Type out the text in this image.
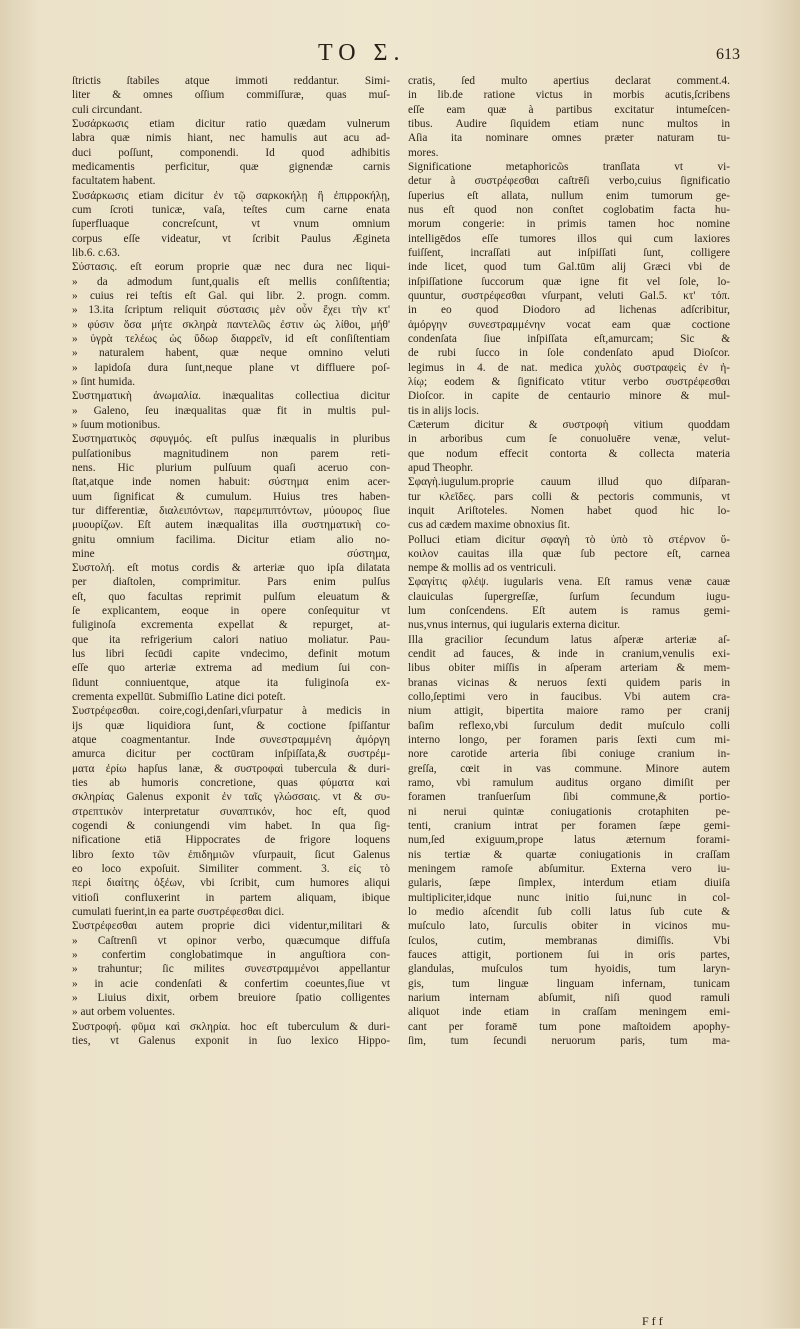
ΤΟ Σ.	613
ſtrictis ſtabiles atque immoti reddantur. Simi-
liter & omnes oſſium commiſſuræ, quas muſ-
culi circundant.
Συσάρκωσις etiam dicitur ratio quædam vulnerum
labra quæ nimis hiant, nec hamulis aut acu ad-
duci poſſunt, componendi. Id quod adhibitis
medicamentis perficitur, quæ gignendæ carnis
facultatem habent.
Συσάρκωσις etiam dicitur ἐν τῷ σαρκοκήλῃ ἢ ἐπιρροκήλῃ,
cum ſcroti tunicæ, vaſa, teſtes cum carne enata
ſuperfluaque concreſcunt, vt vnum omnium
corpus eſſe videatur, vt ſcribit Paulus Ægineta
lib.6. c.63.
Σύστασις. eſt eorum proprie quæ nec dura nec liqui-
» da admodum ſunt,qualis eſt mellis conſiſtentia;
» cuius rei teſtis eſt Gal. qui libr. 2. progn. comm.
» 13.ita ſcriptum reliquit σύστασις μὲν οὖν ἔχει τὴν κτ'
» φύσιν ὅσα μήτε σκληρὰ παντελῶς ἐστιν ὡς λίθοι, μήθ'
» ὑγρὰ τελέως ὡς ὕδωρ διαρρεῖν, id eſt conſiſtentiam
» naturalem habent, quæ neque omnino veluti
» lapidoſa dura ſunt,neque plane vt diffluere poſ-
» ſint humida.
Συστηματικὴ ἀνωμαλία. inæqualitas collectiua dicitur
» Galeno, ſeu inæqualitas quæ fit in multis pul-
» ſuum motionibus.
Συστηματικὸς σφυγμός. eſt pulſus inæqualis in pluribus
pulſationibus magnitudinem non parem reti-
nens. Hic plurium pulſuum quaſi aceruo con-
ſtat,atque inde nomen habuit: σύστημα enim acer-
uum ſignificat & cumulum. Huius tres haben-
tur differentiæ, διαλειπόντων, παρεμπιπτόντων, μύουρος ſiue
μυουρίζων. Eſt autem inæqualitas illa συστηματικὴ co-
gnitu omnium facilima. Dicitur etiam alio no-
mine σύστημα,
Συστολή. eſt motus cordis & arteriæ quo ipſa dilatata
per diaſtolen, comprimitur. Pars enim pulſus
eſt, quo facultas reprimit pulſum eleuatum &
ſe explicantem, eoque in opere conſequitur vt
fuliginoſa excrementa expellat & repurget, at-
que ita refrigerium calori natiuo moliatur. Pau-
lus libri ſecūdi capite vndecimo, definit motum
eſſe quo arteriæ extrema ad medium ſui con-
ſidunt conniuentque, atque ita fuliginoſa ex-
crementa expellūt. Submiſſio Latine dici poteſt.
Συστρέφεσθαι. coire,cogi,denſari,vſurpatur à medicis in
ijs quæ liquidiora ſunt, & coctione ſpiſſantur
atque coagmentantur. Inde συνεστραμμένη ἀμόργη
amurca dicitur per coctūram inſpiſſata,& συστρέμ-
ματα ἐρίω hapſus lanæ, & συστροφαὶ tubercula & duri-
ties ab humoris concretione, quas φύματα καὶ
σκληρίας Galenus exponit ἐν ταῖς γλώσσαις. vt & συ-
στρεπτικὸν interpretatur συναπτικόν, hoc eſt, quod
cogendi & coniungendi vim habet. In qua ſig-
nificatione etiā Hippocrates de frigore loquens
libro ſexto τῶν ἐπιδημιῶν vſurpauit, ſicut Galenus
eo loco expoſuit. Similiter comment. 3. εἰς τὸ
περὶ διαίτης ὀξέων, vbi ſcribit, cum humores aliqui
vitioſi confluxerint in partem aliquam, ibique
cumulati fuerint,in ea parte συστρέφεσθαι dici.
Συστρέφεσθαι autem proprie dici videntur,militari &
» Caſtrenſi vt opinor verbo, quæcumque diffuſa
» confertim conglobatimque in anguſtiora con-
» trahuntur; ſic milites συνεστραμμένοι appellantur
» in acie condenſati & confertim coeuntes,ſiue vt
» Liuius dixit, orbem breuiore ſpatio colligentes
» aut orbem voluentes.
Συστροφή. φῦμα καὶ σκληρία. hoc eſt tuberculum & duri-
ties, vt Galenus exponit in ſuo lexico Hippo-
cratis, ſed multo apertius declarat comment.4.
in lib.de ratione victus in morbis acutis,ſcribens
eſſe eam quæ à partibus excitatur intumeſcen-
tibus. Audire ſiquidem etiam nunc multos in
Aſia ita nominare omnes præter naturam tu-
mores.
Significatione metaphoricῶs tranſlata vt vi-
detur à συστρέφεσθαι caſtrēſi verbo,cuius ſignificatio
ſuperius eſt allata, nullum enim tumorum ge-
nus eſt quod non conſtet coglobatim facta hu-
morum congerie: in primis tamen hoc nomine
intelligēdos eſſe tumores illos qui cum laxiores
fuiſſent, incraſſati aut inſpiſſati ſunt, colligere
inde licet, quod tum Gal.tūm alij Græci vbi de
inſpiſſatione ſuccorum quæ igne fit vel ſole, lo-
quuntur, συστρέφεσθαι vſurpant, veluti Gal.5. κτ' τόπ.
in eo quod Diodoro ad lichenas adſcribitur,
ἀμόργην συνεστραμμένην vocat eam quæ coctione
condenſata ſiue inſpiſſata eſt,amurcam; Sic &
de rubi ſucco in ſole condenſato apud Dioſcor.
legimus in 4. de nat. medica χυλὸς συστραφεὶς ἐν ἡ-
λίῳ; eodem & ſignificato vtitur verbo συστρέφεσθαι
Dioſcor. in capite de centaurio minore & mul-
tis in alijs locis.
Cæterum dicitur & συστροφὴ vitium quoddam
in arboribus cum ſe conuoluēre venæ, velut-
que nodum effecit contorta & collecta materia
apud Theophr.
Σφαγὴ.iugulum.proprie cauum illud quo diſparan-
tur κλεῖδες. pars colli & pectoris communis, vt
inquit Ariſtoteles. Nomen habet quod hic lo-
cus ad cædem maxime obnoxius ſit.
Polluci etiam dicitur σφαγὴ τὸ ὑπὸ τὸ στέρνον ὕ-
κοιλον cauitas illa quæ ſub pectore eſt, carnea
nempe & mollis ad os ventriculi.
Σφαγίτις φλέψ. iugularis vena. Eſt ramus venæ cauæ
clauiculas ſupergreſſæ, ſurſum ſecundum iugu-
lum conſcendens. Eſt autem is ramus gemi-
nus,vnus internus, qui iugularis externa dicitur.
Illa gracilior ſecundum latus aſperæ arteriæ aſ-
cendit ad fauces, & inde in cranium,venulis exi-
libus obiter miſſis in aſperam arteriam & mem-
branas vicinas & neruos ſexti quidem paris in
collo,ſeptimi vero in faucibus. Vbi autem cra-
nium attigit, bipertita maiore ramo per cranij
baſim reflexo,vbi ſurculum dedit muſculo colli
interno longo, per foramen paris ſexti cum mi-
nore carotide arteria ſibi coniuge cranium in-
greſſa, cœit in vas commune. Minore autem
ramo, vbi ramulum auditus organo dimiſit per
foramen tranſuerſum ſibi commune,& portio-
ni nerui quintæ coniugationis crotaphiten pe-
tenti, cranium intrat per foramen ſæpe gemi-
num,ſed exiguum,prope latus æternum forami-
nis tertiæ & quartæ coniugationis in craſſam
meningem ramoſe abſumitur. Externa vero iu-
gularis, ſæpe ſimplex, interdum etiam diuiſa
multipliciter,idque nunc initio ſui,nunc in col-
lo medio aſcendit ſub colli latus ſub cute &
muſculo lato, ſurculis obiter in vicinos mu-
ſculos, cutim, membranas dimiſſis. Vbi
fauces attigit, portionem ſui in oris partes,
glandulas, muſculos tum hyoidis, tum laryn-
gis, tum linguæ linguam infernam, tunicam
narium internam abſumit, niſi quod ramuli
aliquot inde etiam in craſſam meningem emi-
cant per foramē tum pone maſtoidem apophy-
ſim, tum ſecundi neruorum paris, tum ma-
F f f
